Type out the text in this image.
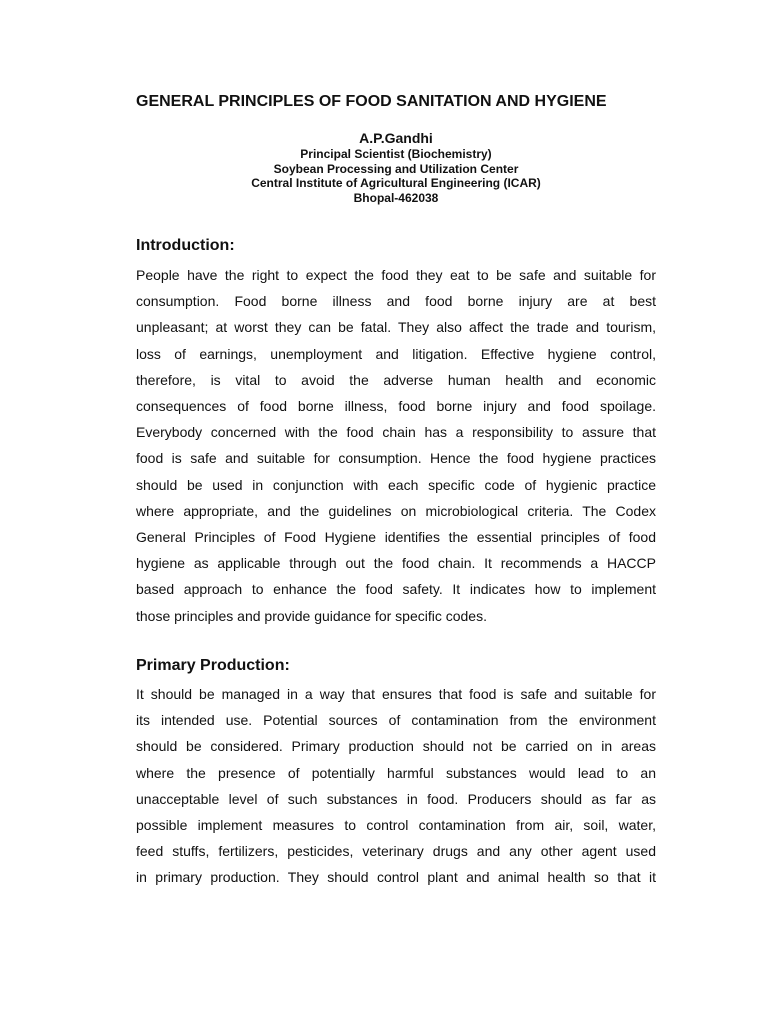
GENERAL PRINCIPLES OF FOOD SANITATION AND HYGIENE

A.P.Gandhi

Principal Scientist (Biochemistry)

Soybean Processing and Utilization Center

Central Institute of Agricultural Engineering (ICAR)

Bhopal-462038

Introduction:
People have the right to expect the food they eat to be safe and suitable for
consumption. Food borne illness and food borne injury are at best
unpleasant; at worst they can be fatal. They also affect the trade and tourism,
loss of earnings, unemployment and litigation. Effective hygiene control,
therefore, is vital to avoid the adverse human health and economic
consequences of food borne illness, food borne injury and food spoilage.
Everybody concerned with the food chain has a responsibility to assure that
food is safe and suitable for consumption. Hence the food hygiene practices
should be used in conjunction with each specific code of hygienic practice
where appropriate, and the guidelines on microbiological criteria. The Codex
General Principles of Food Hygiene identifies the essential principles of food
hygiene as applicable through out the food chain. It recommends a HACCP
based approach to enhance the food safety. It indicates how to implement
those principles and provide guidance for specific codes.
Primary Production:
It should be managed in a way that ensures that food is safe and suitable for
its intended use. Potential sources of contamination from the environment
should be considered. Primary production should not be carried on in areas
where the presence of potentially harmful substances would lead to an
unacceptable level of such substances in food. Producers should as far as
possible implement measures to control contamination from air, soil, water,
feed stuffs, fertilizers, pesticides, veterinary drugs and any other agent used
in primary production. They should control plant and animal health so that it
